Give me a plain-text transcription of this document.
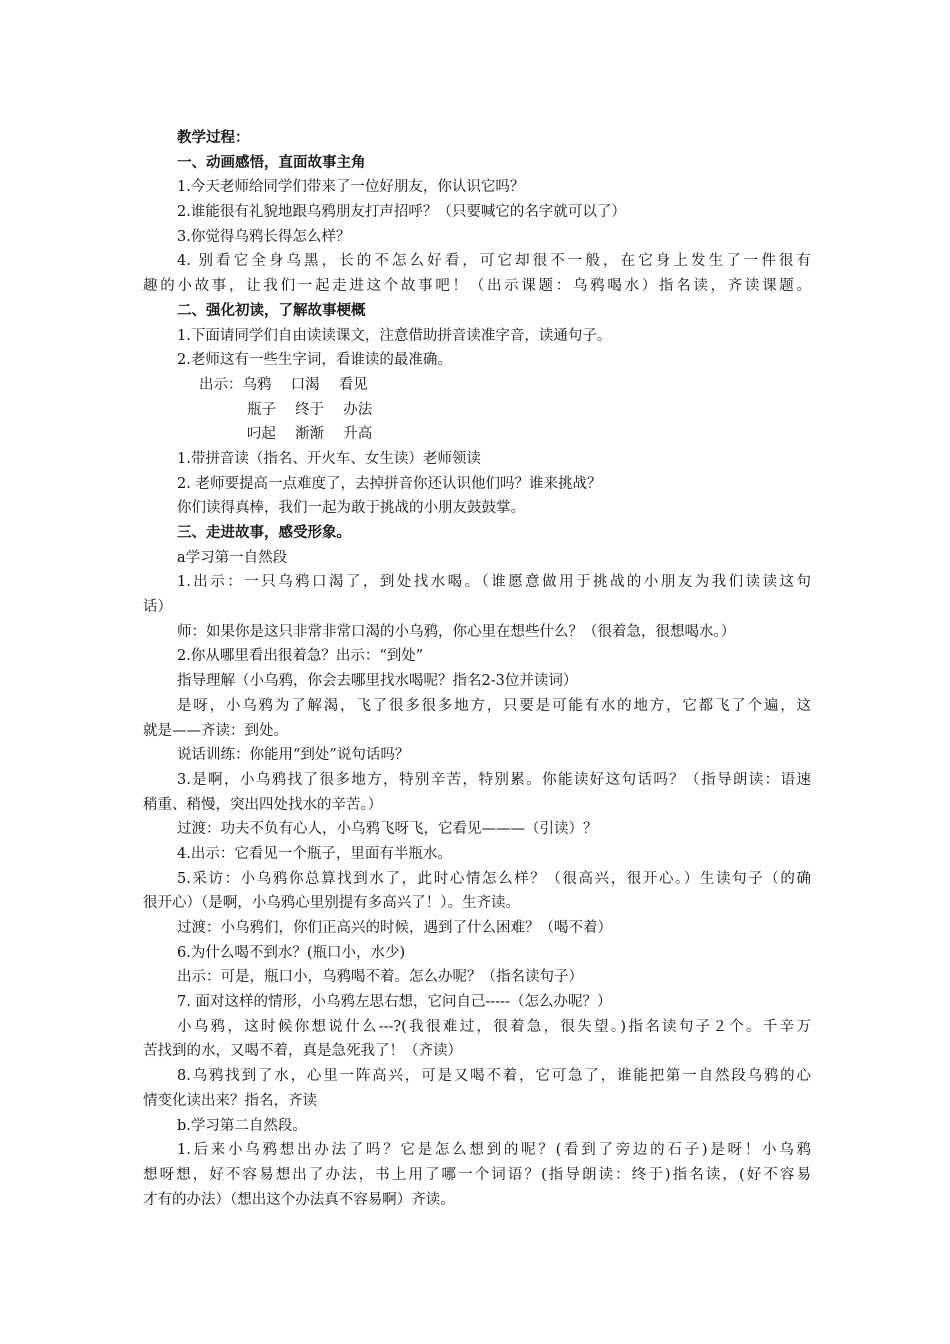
教学过程：
一、动画感悟，直面故事主角
1.今天老师给同学们带来了一位好朋友，你认识它吗？
2.谁能很有礼貌地跟乌鸦朋友打声招呼？（只要喊它的名字就可以了）
3.你觉得乌鸦长得怎么样？
4. 别看它全身乌黑，长的不怎么好看，可它却很不一般，在它身上发生了一件很有
趣的小故事，让我们一起走进这个故事吧！（出示课题：乌鸦喝水）指名读，齐读课题。
二、强化初读，了解故事梗概
1.下面请同学们自由读读课文，注意借助拼音读准字音，读通句子。
2.老师这有一些生字词，看谁读的最准确。
出示：乌鸦　 口渴　 看见
瓶子　 终于　 办法
叼起　 渐渐　 升高
1.带拼音读（指名、开火车、女生读）老师领读
2. 老师要提高一点难度了，去掉拼音你还认识他们吗？谁来挑战？
你们读得真棒，我们一起为敢于挑战的小朋友鼓鼓掌。
三、走进故事，感受形象。
a学习第一自然段
1.出示：一只乌鸦口渴了，到处找水喝。（谁愿意做用于挑战的小朋友为我们读读这句
话）
师：如果你是这只非常非常口渴的小乌鸦，你心里在想些什么？（很着急，很想喝水。）
2.你从哪里看出很着急？出示：“到处”
指导理解（小乌鸦，你会去哪里找水喝呢？指名2-3位并读词）
是呀，小乌鸦为了解渴，飞了很多很多地方，只要是可能有水的地方，它都飞了个遍，这
就是——齐读：到处。
说话训练：你能用“到处”说句话吗？
3.是啊，小乌鸦找了很多地方，特别辛苦，特别累。你能读好这句话吗？（指导朗读：语速
稍重、稍慢，突出四处找水的辛苦。）
过渡：功夫不负有心人，小乌鸦飞呀飞，它看见———（引读）？
4.出示：它看见一个瓶子，里面有半瓶水。
5.采访：小乌鸦你总算找到水了，此时心情怎么样？（很高兴，很开心。）生读句子（的确
很开心）（是啊，小乌鸦心里别提有多高兴了！）。生齐读。
过渡：小乌鸦们，你们正高兴的时候，遇到了什么困难？（喝不着）
6.为什么喝不到水？(瓶口小，水少)
出示：可是，瓶口小，乌鸦喝不着。怎么办呢？（指名读句子）
7. 面对这样的情形，小乌鸦左思右想，它问自己-----（怎么办呢？）
小乌鸦，这时候你想说什么---?(我很难过，很着急，很失望。)指名读句子２个。千辛万
苦找到的水，又喝不着，真是急死我了！（齐读）
8.乌鸦找到了水，心里一阵高兴，可是又喝不着，它可急了，谁能把第一自然段乌鸦的心
情变化读出来？指名，齐读
b.学习第二自然段。
1.后来小乌鸦想出办法了吗？它是怎么想到的呢？(看到了旁边的石子)是呀！小乌鸦
想呀想，好不容易想出了办法，书上用了哪一个词语？(指导朗读：终于)指名读，(好不容易
才有的办法）（想出这个办法真不容易啊）齐读。
